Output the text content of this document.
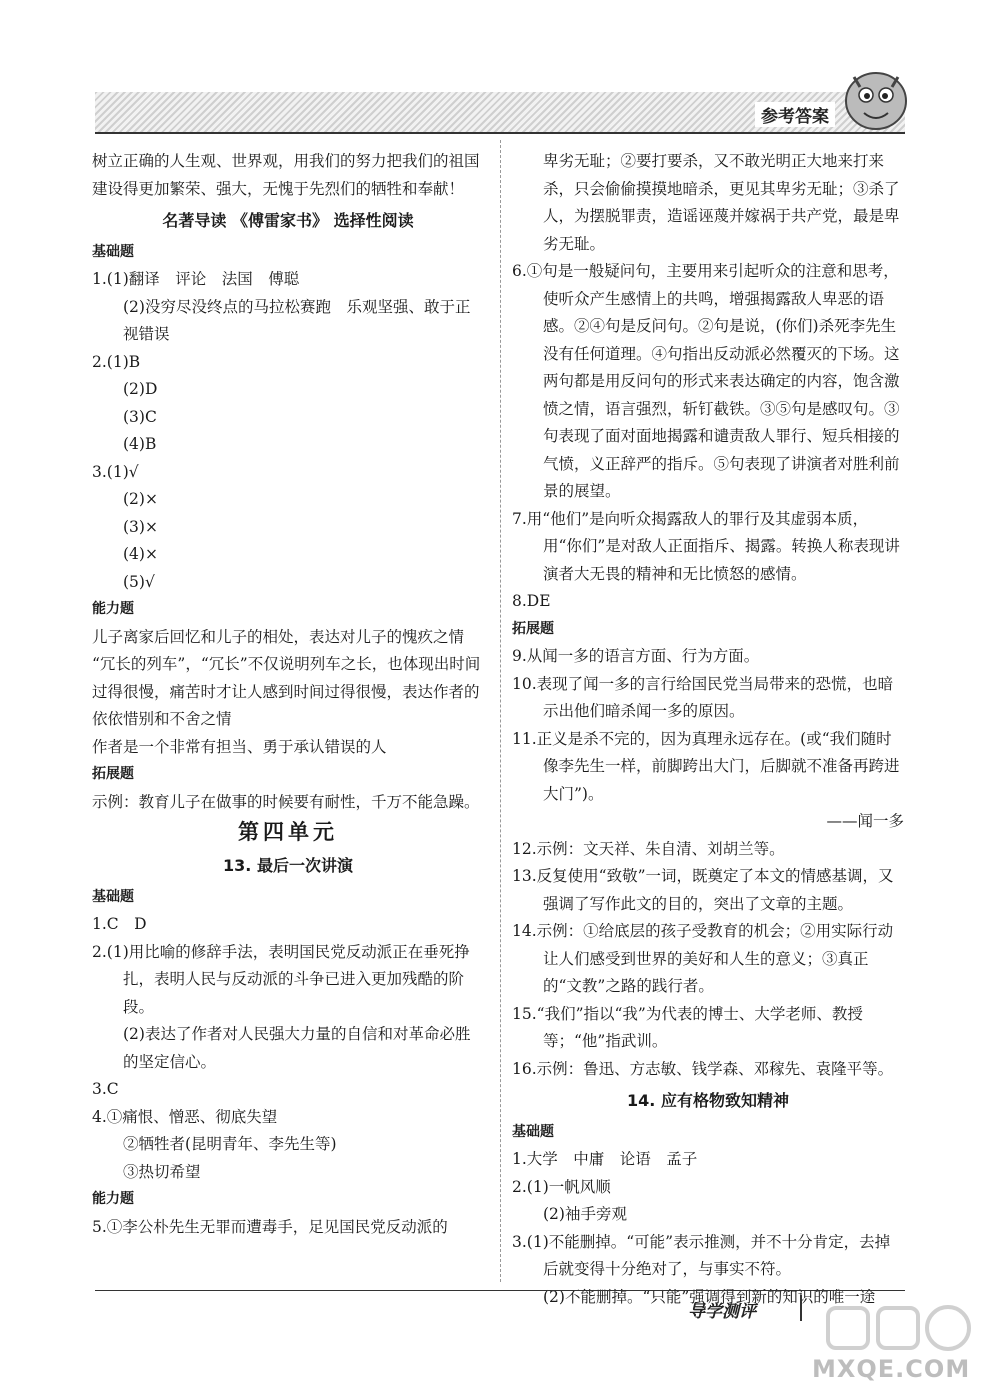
参考答案

树立正确的人生观、世界观，用我们的努力把我们的祖国建设得更加繁荣、强大，无愧于先烈们的牺牲和奉献！

名著导读 《傅雷家书》 选择性阅读

基础题

1.(1)翻译　评论　法国　傅聪

(2)没穷尽没终点的马拉松赛跑　乐观坚强、敢于正视错误

2.(1)B

(2)D

(3)C

(4)B

3.(1)√

(2)×

(3)×

(4)×

(5)√

能力题

儿子离家后回忆和儿子的相处，表达对儿子的愧疚之情

“冗长的列车”，“冗长”不仅说明列车之长，也体现出时间过得很慢，痛苦时才让人感到时间过得很慢，表达作者的依依惜别和不舍之情

作者是一个非常有担当、勇于承认错误的人

拓展题

示例：教育儿子在做事的时候要有耐性，千万不能急躁。

第四单元

13. 最后一次讲演

基础题

1.C　D

2.(1)用比喻的修辞手法，表明国民党反动派正在垂死挣扎，表明人民与反动派的斗争已进入更加残酷的阶段。

(2)表达了作者对人民强大力量的自信和对革命必胜的坚定信心。

3.C

4.①痛恨、憎恶、彻底失望

②牺牲者(昆明青年、李先生等)

③热切希望

能力题

5.①李公朴先生无罪而遭毒手，足见国民党反动派的

卑劣无耻；②要打要杀，又不敢光明正大地来打来杀，只会偷偷摸摸地暗杀，更见其卑劣无耻；③杀了人，为摆脱罪责，造谣诬蔑并嫁祸于共产党，最是卑劣无耻。

6.①句是一般疑问句，主要用来引起听众的注意和思考，使听众产生感情上的共鸣，增强揭露敌人卑恶的语感。②④句是反问句。②句是说，(你们)杀死李先生没有任何道理。④句指出反动派必然覆灭的下场。这两句都是用反问句的形式来表达确定的内容，饱含激愤之情，语言强烈，斩钉截铁。③⑤句是感叹句。③句表现了面对面地揭露和谴责敌人罪行、短兵相接的气愤，义正辞严的指斥。⑤句表现了讲演者对胜利前景的展望。

7.用“他们”是向听众揭露敌人的罪行及其虚弱本质，用“你们”是对敌人正面指斥、揭露。转换人称表现讲演者大无畏的精神和无比愤怒的感情。

8.DE

拓展题

9.从闻一多的语言方面、行为方面。

10.表现了闻一多的言行给国民党当局带来的恐慌，也暗示出他们暗杀闻一多的原因。

11.正义是杀不完的，因为真理永远存在。(或“我们随时像李先生一样，前脚跨出大门，后脚就不准备再跨进大门”)。

——闻一多

12.示例：文天祥、朱自清、刘胡兰等。

13.反复使用“致敬”一词，既奠定了本文的情感基调，又强调了写作此文的目的，突出了文章的主题。

14.示例：①给底层的孩子受教育的机会；②用实际行动让人们感受到世界的美好和人生的意义；③真正的“文教”之路的践行者。

15.“我们”指以“我”为代表的博士、大学老师、教授等；“他”指武训。

16.示例：鲁迅、方志敏、钱学森、邓稼先、袁隆平等。

14. 应有格物致知精神

基础题

1.大学　中庸　论语　孟子

2.(1)一帆风顺

(2)袖手旁观

3.(1)不能删掉。“可能”表示推测，并不十分肯定，去掉后就变得十分绝对了，与事实不符。

(2)不能删掉。“只能”强调得到新的知识的唯一途

导学测评
MXQE.COM
